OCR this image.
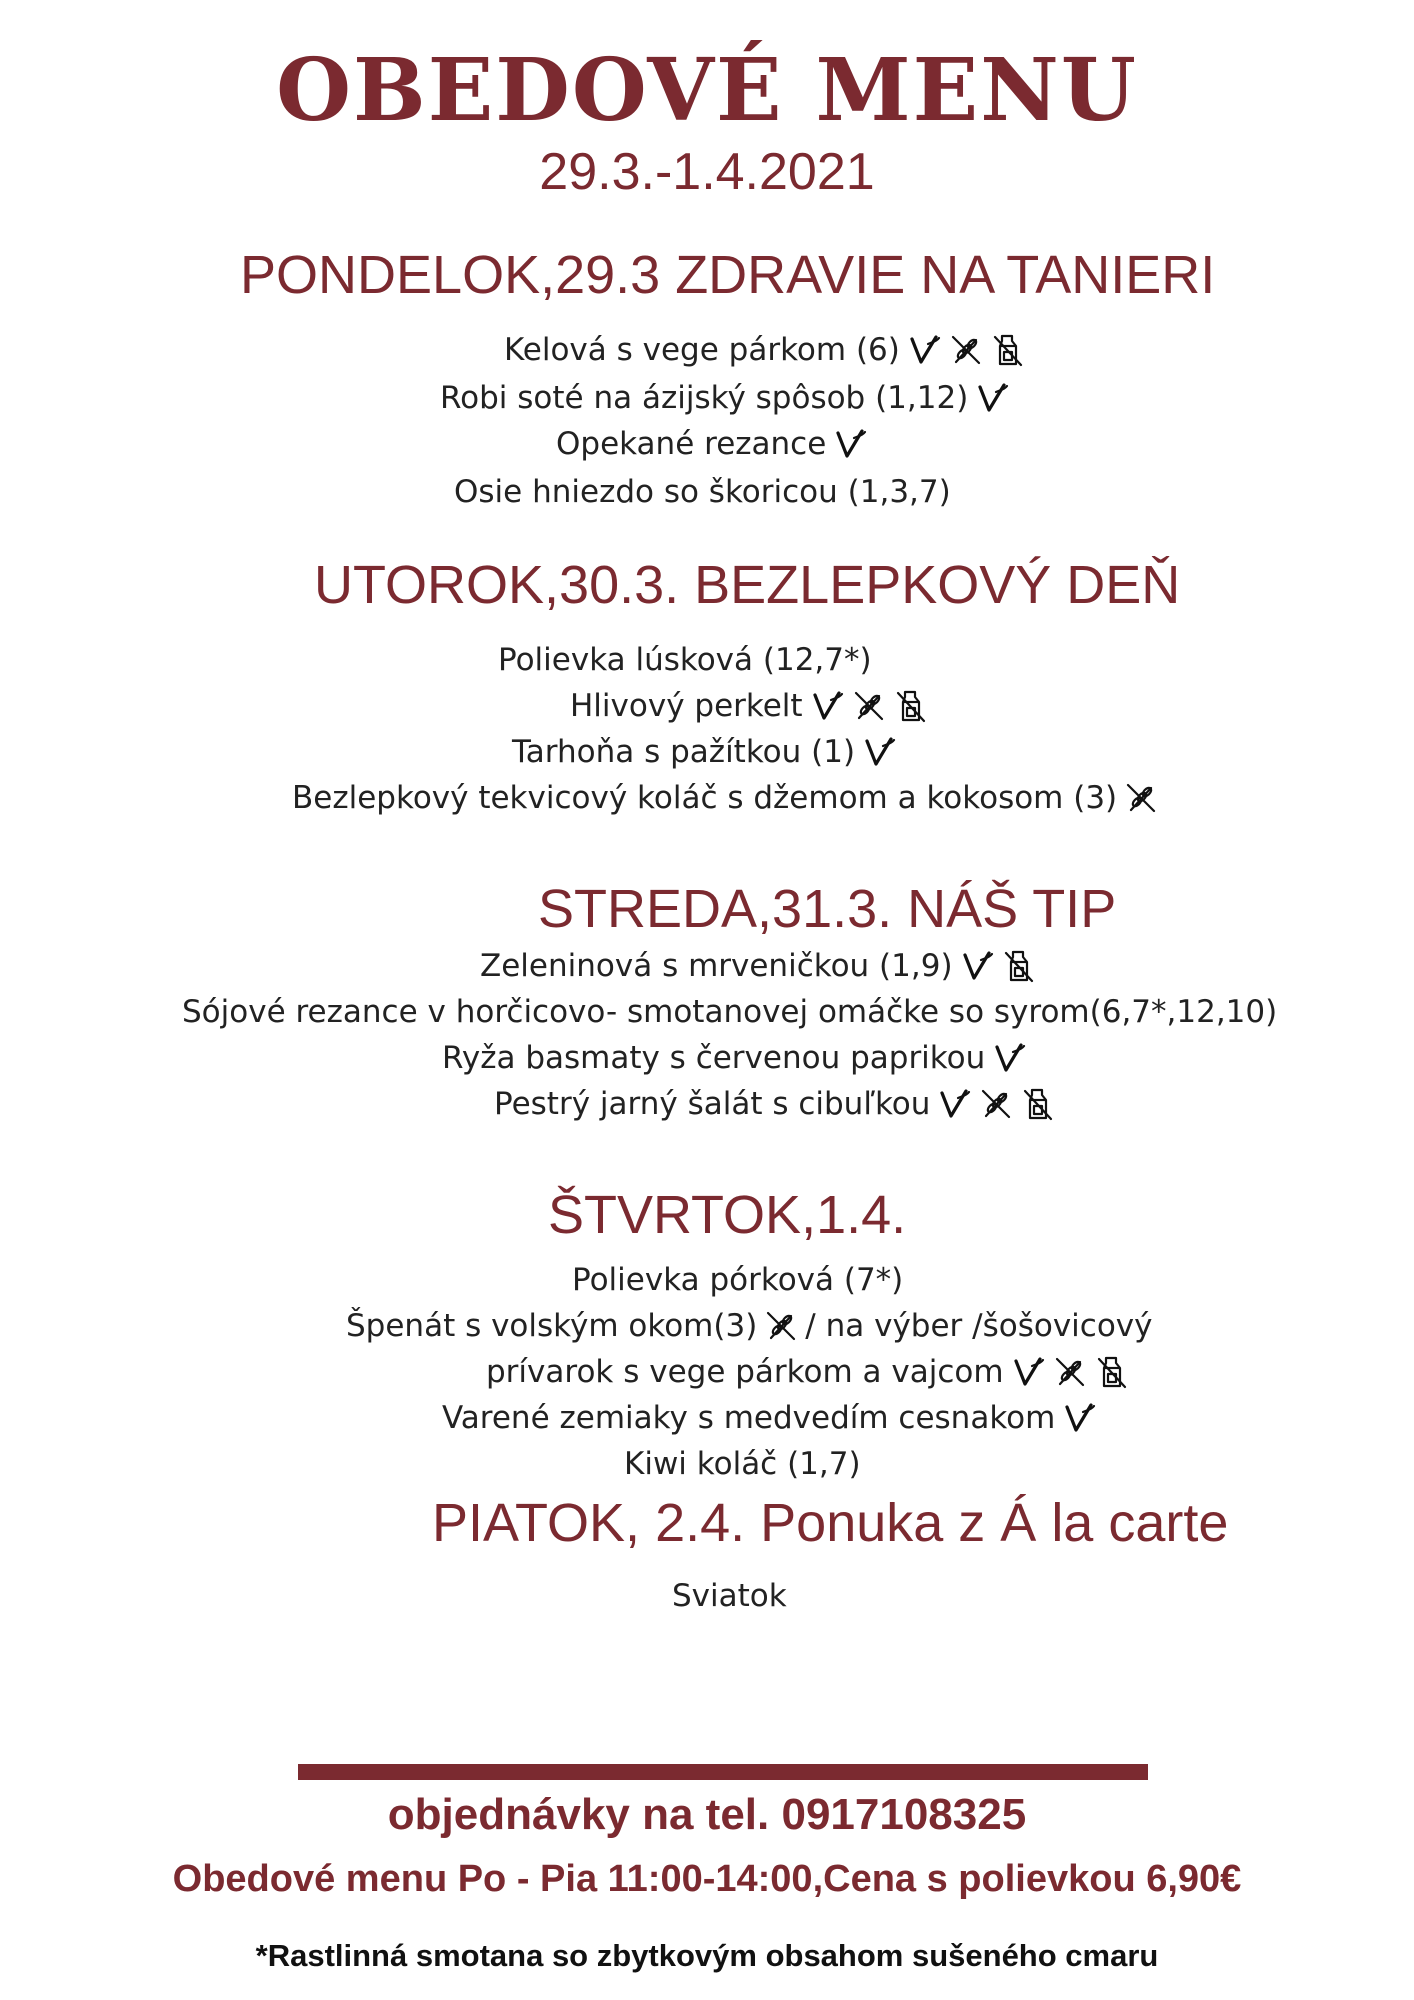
OBEDOVÉ MENU
29.3.-1.4.2021
PONDELOK,29.3 ZDRAVIE NA TANIERI
Kelová s vege párkom (6)
Robi soté na ázijský spôsob (1,12)
Opekané rezance
Osie hniezdo so škoricou (1,3,7)
UTOROK,30.3. BEZLEPKOVÝ DEŇ
Polievka lúsková (12,7*)
Hlivový perkelt
Tarhoňa s pažítkou (1)
Bezlepkový tekvicový koláč s džemom a kokosom (3)
STREDA,31.3. NÁŠ TIP
Zeleninová s mrveničkou (1,9)
Sójové rezance v horčicovo- smotanovej omáčke so syrom(6,7*,12,10)
Ryža basmaty s červenou paprikou
Pestrý jarný šalát s cibuľkou
ŠTVRTOK,1.4.
Polievka pórková (7*)
Špenát s volským okom(3) / na výber /šošovicový
prívarok s vege párkom a vajcom
Varené zemiaky s medvedím cesnakom
Kiwi koláč (1,7)
PIATOK, 2.4. Ponuka z Á la carte
Sviatok
objednávky na tel. 0917108325
Obedové menu Po - Pia 11:00-14:00,Cena s polievkou 6,90€
*Rastlinná smotana so zbytkovým obsahom sušeného cmaru
